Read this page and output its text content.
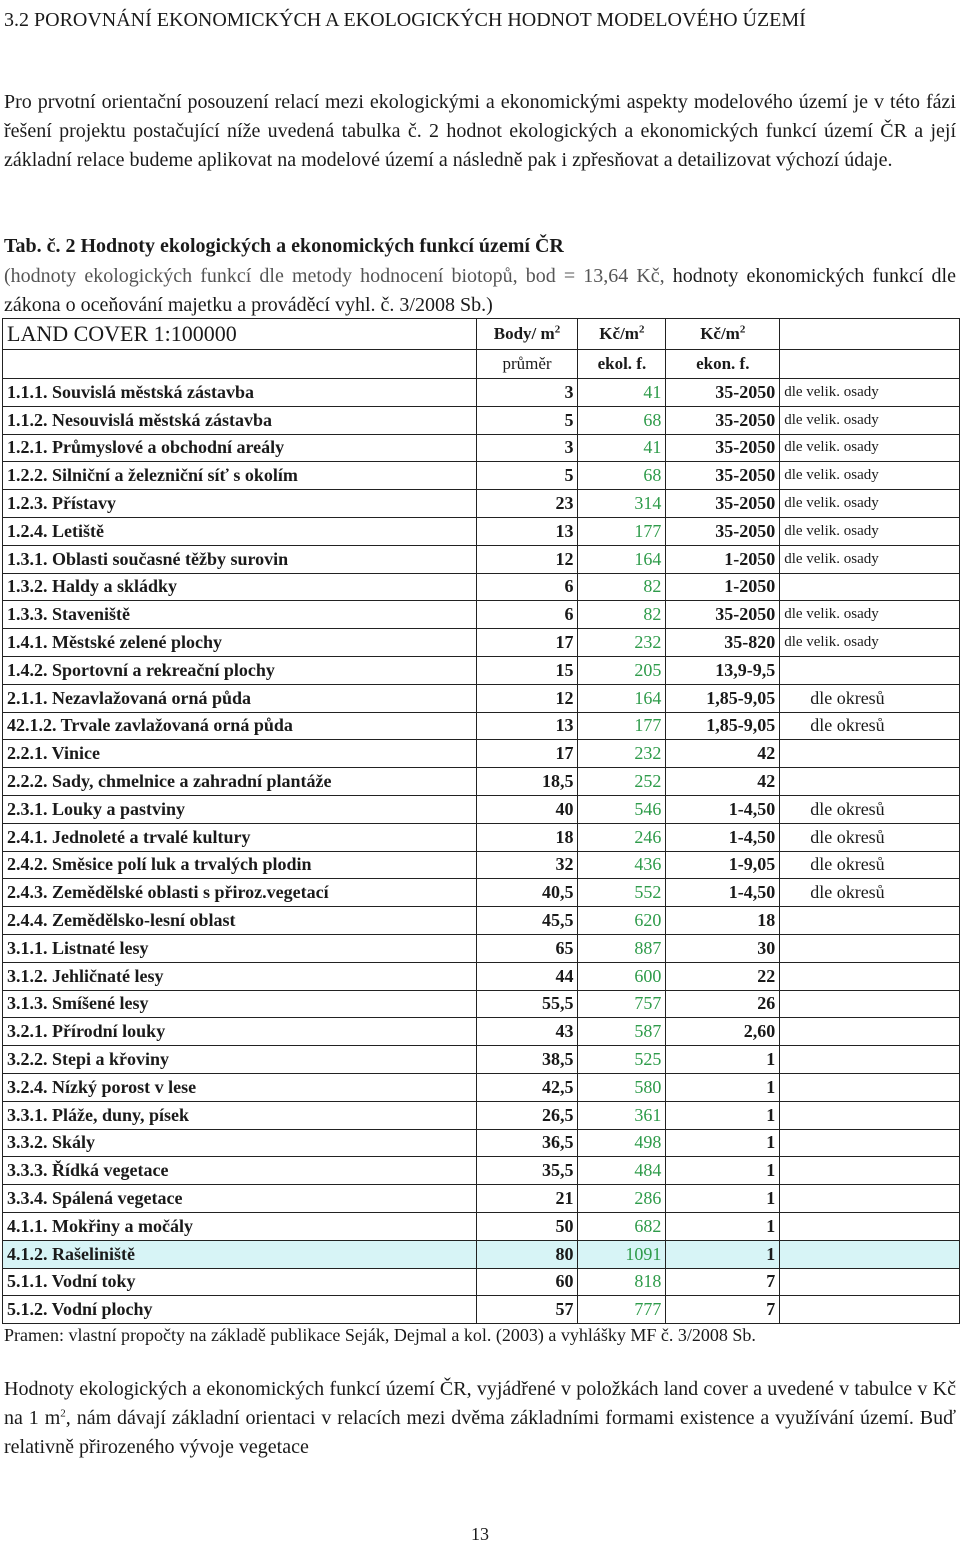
3.2 POROVNÁNÍ EKONOMICKÝCH A EKOLOGICKÝCH HODNOT MODELOVÉHO ÚZEMÍ
Pro prvotní orientační posouzení relací mezi ekologickými a ekonomickými aspekty modelového území je v této fázi řešení projektu postačující níže uvedená tabulka č. 2 hodnot ekologických a ekonomických funkcí území ČR a její základní relace budeme aplikovat na modelové území a následně pak i zpřesňovat a detailizovat výchozí údaje.
Tab. č. 2 Hodnoty ekologických a ekonomických funkcí území ČR
(hodnoty ekologických funkcí dle metody hodnocení biotopů, bod = 13,64 Kč, hodnoty ekonomických funkcí dle zákona o oceňování majetku a prováděcí vyhl. č. 3/2008 Sb.)
LAND COVER 1:100000	Body/ $m^2$	$Kč/m^2$	$Kč/m^2$	
	průměr	ekol. f.	ekon. f.	
1.1.1. Souvislá městská zástavba	3	41	35-2050	dle velik. osady
1.1.2. Nesouvislá městská zástavba	5	68	35-2050	dle velik. osady
1.2.1. Průmyslové a obchodní areály	3	41	35-2050	dle velik. osady
1.2.2. Silniční a železniční síť s okolím	5	68	35-2050	dle velik. osady
1.2.3. Přístavy	23	314	35-2050	dle velik. osady
1.2.4. Letiště	13	177	35-2050	dle velik. osady
1.3.1. Oblasti současné těžby surovin	12	164	1-2050	dle velik. osady
1.3.2. Haldy a skládky	6	82	1-2050	
1.3.3. Staveniště	6	82	35-2050	dle velik. osady
1.4.1. Městské zelené plochy	17	232	35-820	dle velik. osady
1.4.2. Sportovní a rekreační plochy	15	205	13,9-9,5	
2.1.1. Nezavlažovaná orná půda	12	164	1,85-9,05	dle okresů
42.1.2. Trvale zavlažovaná orná půda	13	177	1,85-9,05	dle okresů
2.2.1. Vinice	17	232	42	
2.2.2. Sady, chmelnice a zahradní plantáže	18,5	252	42	
2.3.1. Louky a pastviny	40	546	1-4,50	dle okresů
2.4.1. Jednoleté a trvalé kultury	18	246	1-4,50	dle okresů
2.4.2. Směsice polí luk a trvalých plodin	32	436	1-9,05	dle okresů
2.4.3. Zemědělské oblasti s přiroz.vegetací	40,5	552	1-4,50	dle okresů
2.4.4. Zemědělsko-lesní oblast	45,5	620	18	
3.1.1. Listnaté lesy	65	887	30	
3.1.2. Jehličnaté lesy	44	600	22	
3.1.3. Smíšené lesy	55,5	757	26	
3.2.1. Přírodní louky	43	587	2,60	
3.2.2. Stepi a křoviny	38,5	525	1	
3.2.4. Nízký porost v lese	42,5	580	1	
3.3.1. Pláže, duny, písek	26,5	361	1	
3.3.2. Skály	36,5	498	1	
3.3.3. Řídká vegetace	35,5	484	1	
3.3.4. Spálená vegetace	21	286	1	
4.1.1. Mokřiny a močály	50	682	1	
4.1.2. Rašeliniště	80	1091	1	
5.1.1. Vodní toky	60	818	7	
5.1.2. Vodní plochy	57	777	7	
Pramen: vlastní propočty na základě publikace Seják, Dejmal a kol. (2003) a vyhlášky MF č. 3/2008 Sb.
Hodnoty ekologických a ekonomických funkcí území ČR, vyjádřené v položkách land cover a uvedené v tabulce v Kč na 1 $m^2$, nám dávají základní orientaci v relacích mezi dvěma základními formami existence a využívání území. Buď relativně přirozeného vývoje vegetace
13
